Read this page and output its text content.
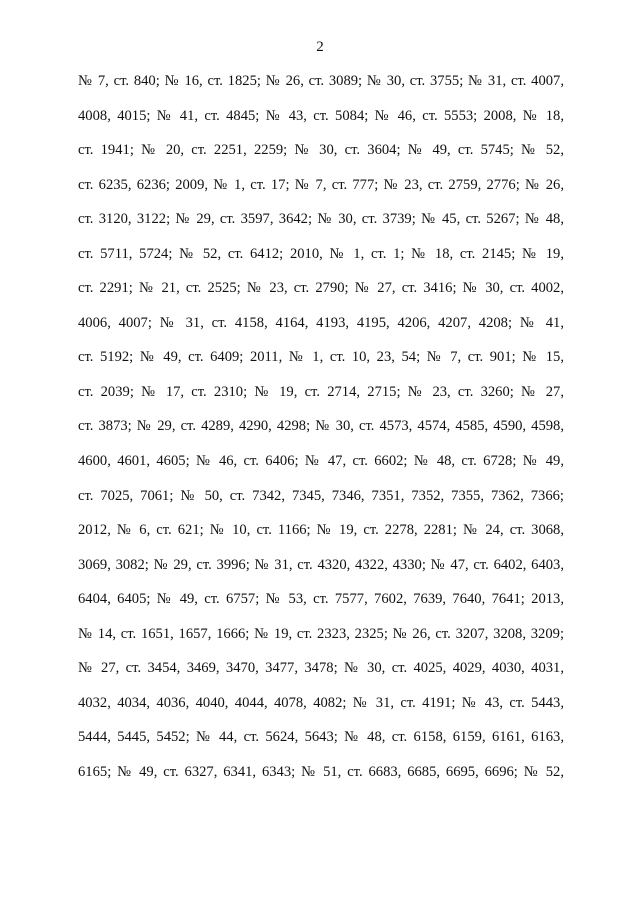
2
№ 7, ст. 840; № 16, ст. 1825; № 26, ст. 3089; № 30, ст. 3755; № 31, ст. 4007,
4008, 4015; № 41, ст. 4845; № 43, ст. 5084; № 46, ст. 5553; 2008, № 18,
ст. 1941; № 20, ст. 2251, 2259; № 30, ст. 3604; № 49, ст. 5745; № 52,
ст. 6235, 6236; 2009, № 1, ст. 17; № 7, ст. 777; № 23, ст. 2759, 2776; № 26,
ст. 3120, 3122; № 29, ст. 3597, 3642; № 30, ст. 3739; № 45, ст. 5267; № 48,
ст. 5711, 5724; № 52, ст. 6412; 2010, № 1, ст. 1; № 18, ст. 2145; № 19,
ст. 2291; № 21, ст. 2525; № 23, ст. 2790; № 27, ст. 3416; № 30, ст. 4002,
4006, 4007; № 31, ст. 4158, 4164, 4193, 4195, 4206, 4207, 4208; № 41,
ст. 5192; № 49, ст. 6409; 2011, № 1, ст. 10, 23, 54; № 7, ст. 901; № 15,
ст. 2039; № 17, ст. 2310; № 19, ст. 2714, 2715; № 23, ст. 3260; № 27,
ст. 3873; № 29, ст. 4289, 4290, 4298; № 30, ст. 4573, 4574, 4585, 4590, 4598,
4600, 4601, 4605; № 46, ст. 6406; № 47, ст. 6602; № 48, ст. 6728; № 49,
ст. 7025, 7061; № 50, ст. 7342, 7345, 7346, 7351, 7352, 7355, 7362, 7366;
2012, № 6, ст. 621; № 10, ст. 1166; № 19, ст. 2278, 2281; № 24, ст. 3068,
3069, 3082; № 29, ст. 3996; № 31, ст. 4320, 4322, 4330; № 47, ст. 6402, 6403,
6404, 6405; № 49, ст. 6757; № 53, ст. 7577, 7602, 7639, 7640, 7641; 2013,
№ 14, ст. 1651, 1657, 1666; № 19, ст. 2323, 2325; № 26, ст. 3207, 3208, 3209;
№ 27, ст. 3454, 3469, 3470, 3477, 3478; № 30, ст. 4025, 4029, 4030, 4031,
4032, 4034, 4036, 4040, 4044, 4078, 4082; № 31, ст. 4191; № 43, ст. 5443,
5444, 5445, 5452; № 44, ст. 5624, 5643; № 48, ст. 6158, 6159, 6161, 6163,
6165; № 49, ст. 6327, 6341, 6343; № 51, ст. 6683, 6685, 6695, 6696; № 52,
